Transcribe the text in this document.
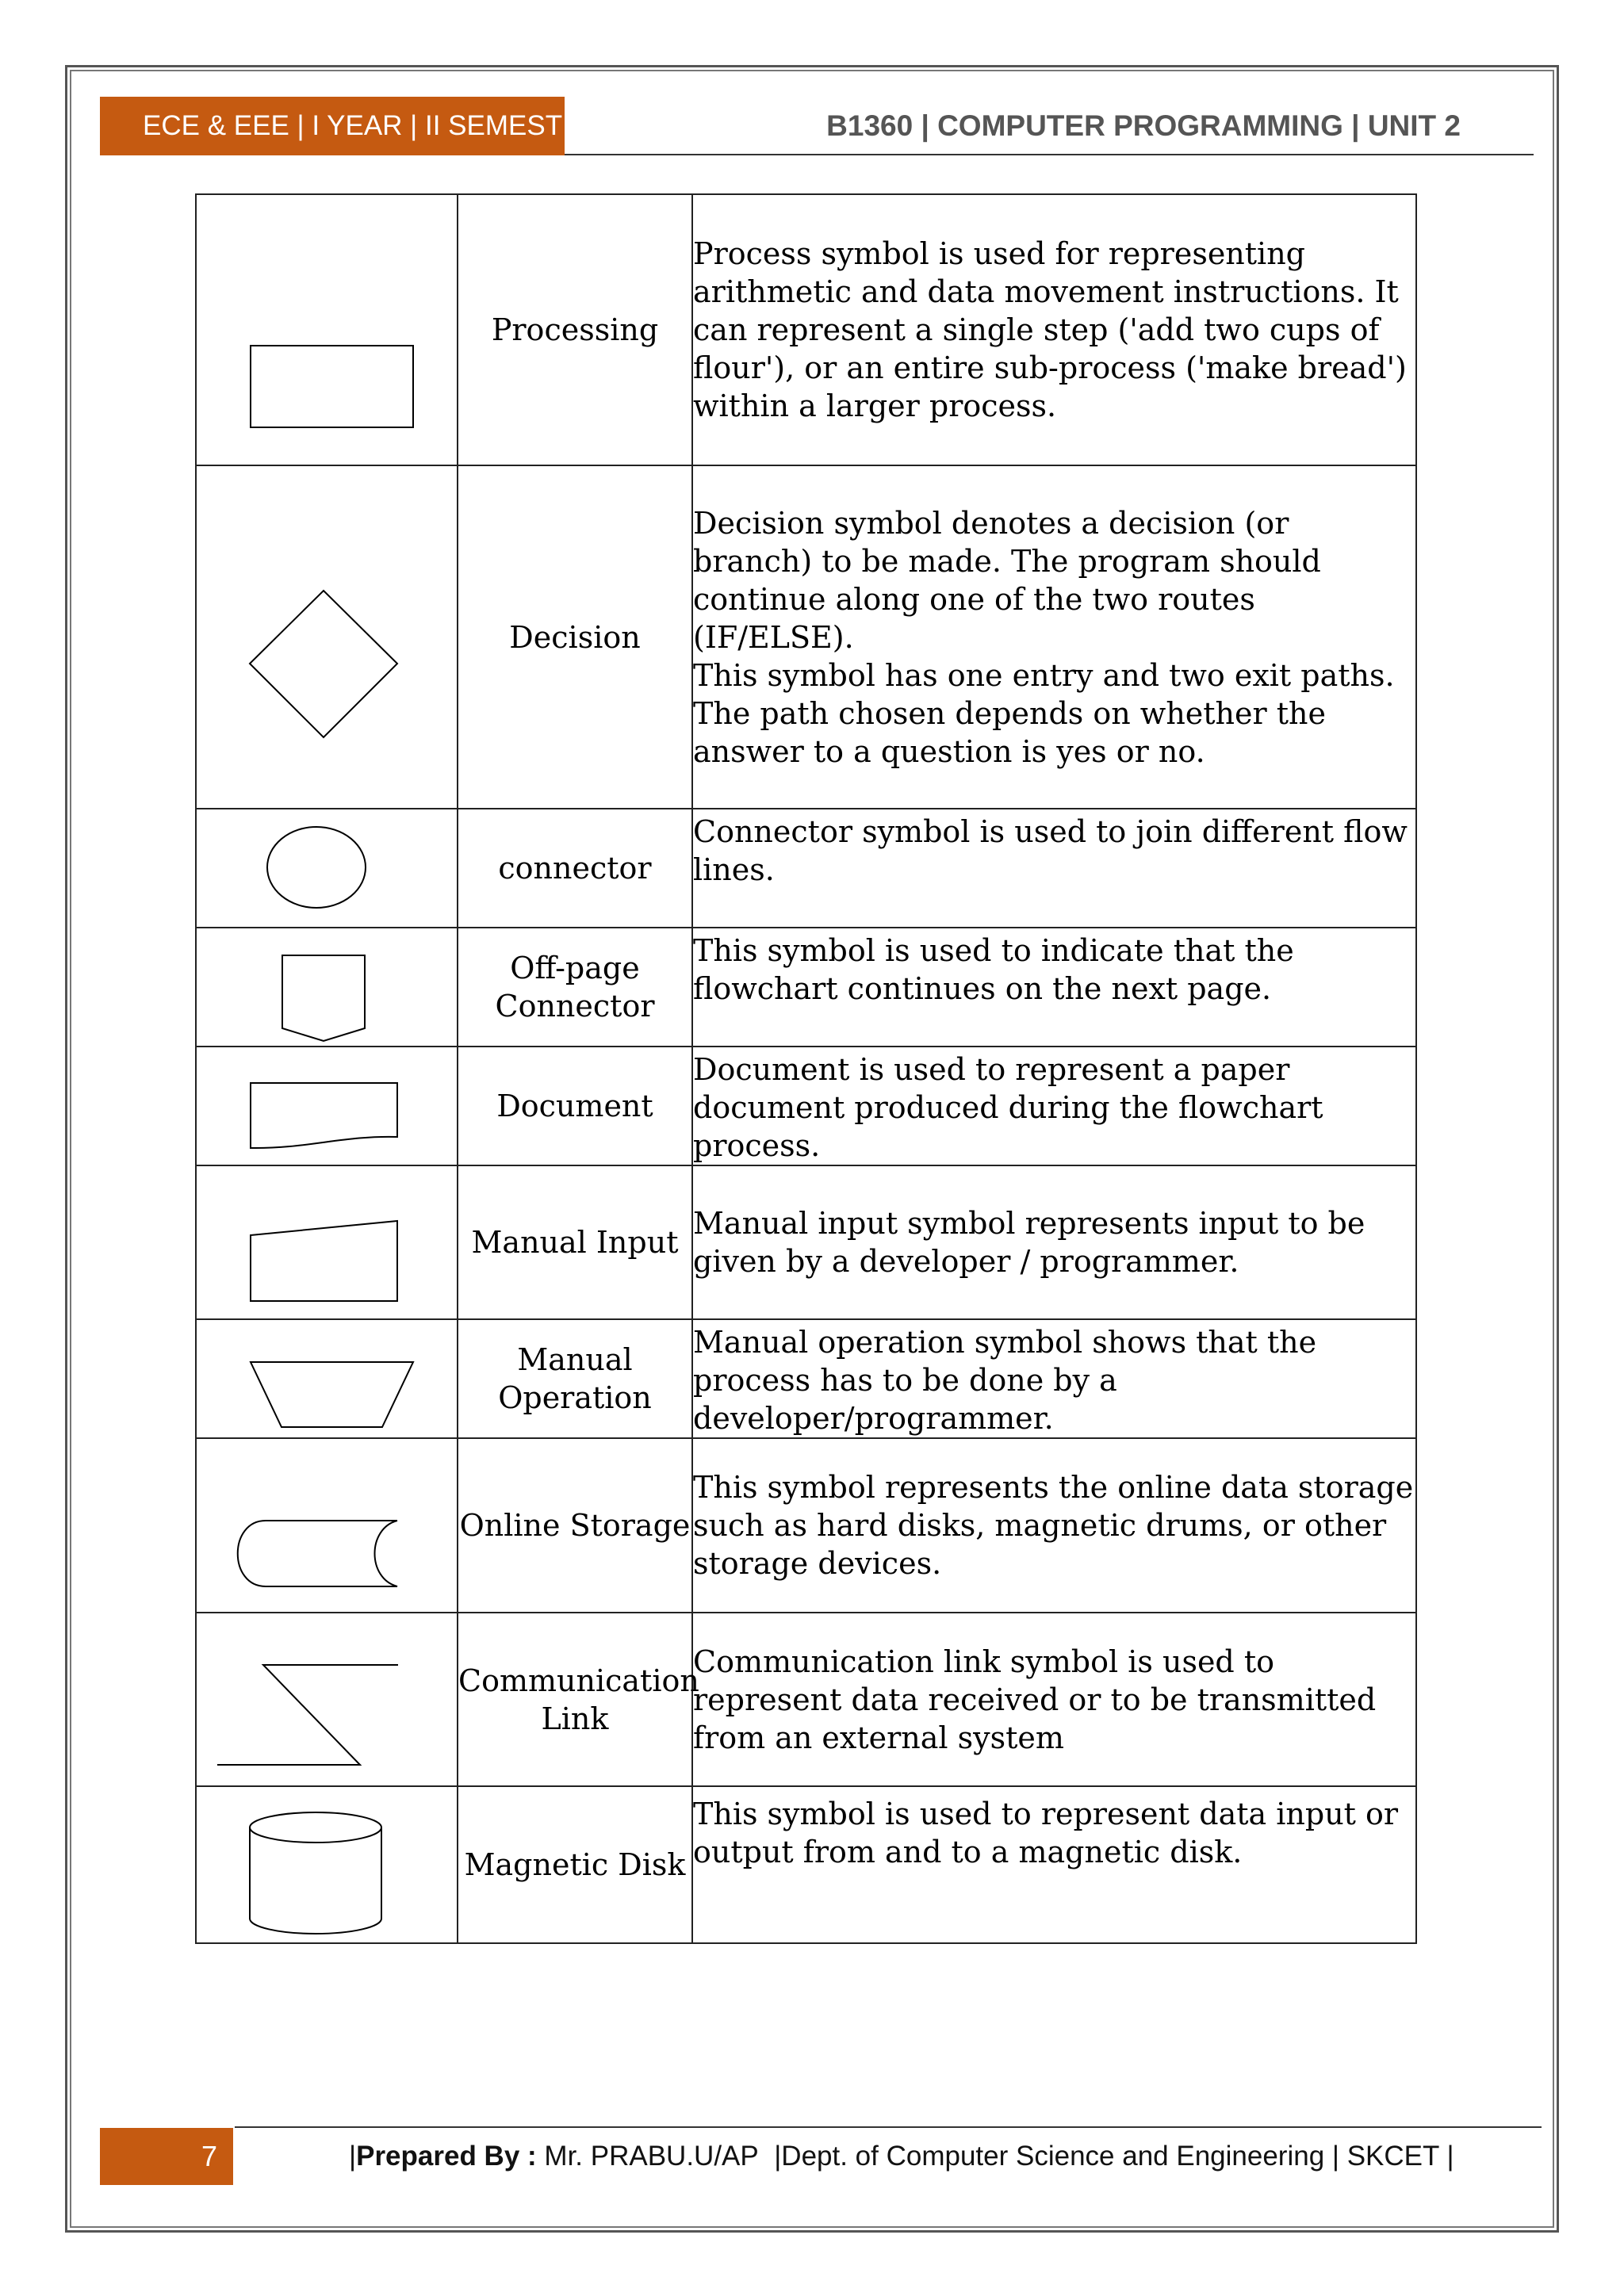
ECE & EEE | I YEAR | II SEMESTER	B1360 | COMPUTER PROGRAMMING | UNIT 2
	Processing	Process symbol is used for representing arithmetic and data movement instructions. It can represent a single step ('add two cups of flour'), or an entire sub-process ('make bread') within a larger process.

	Decision	Decision symbol denotes a decision (or branch) to be made. The program should continue along one of the two routes (IF/ELSE).
This symbol has one entry and two exit paths. The path chosen depends on whether the answer to a question is yes or no.

	connector	Connector symbol is used to join different flow lines.

	Off-page Connector	This symbol is used to indicate that the flowchart continues on the next page.

	Document	Document is used to represent a paper document produced during the flowchart process.

	Manual Input	Manual input symbol represents input to be given by a developer / programmer.

	Manual Operation	Manual operation symbol shows that the process has to be done by a developer/programmer.

	Online Storage	This symbol represents the online data storage such as hard disks, magnetic drums, or other storage devices.

	Communication Link	Communication link symbol is used to represent data received or to be transmitted from an external system

	Magnetic Disk	This symbol is used to represent data input or output from and to a magnetic disk.
7	|Prepared By : Mr. PRABU.U/AP |Dept. of Computer Science and Engineering | SKCET |
